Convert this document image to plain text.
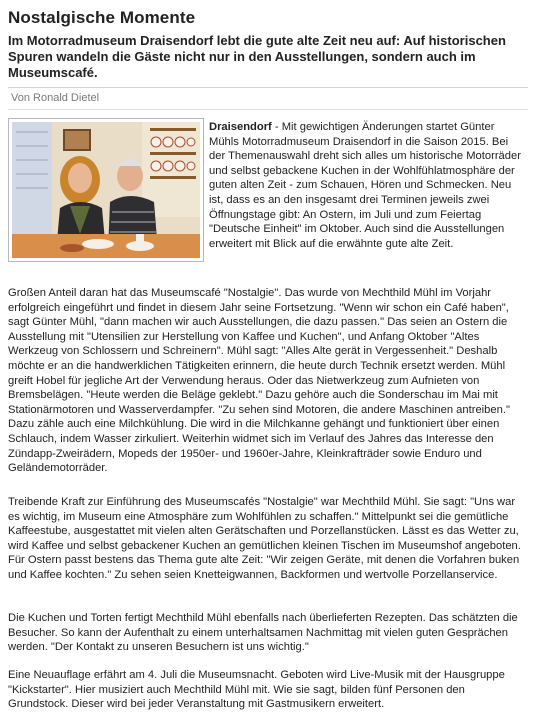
Nostalgische Momente

Im Motorradmuseum Draisendorf lebt die gute alte Zeit neu auf: Auf historischen Spuren wandeln die Gäste nicht nur in den Ausstellungen, sondern auch im Museumscafé.

Von Ronald Dietel
Draisendorf - Mit gewichtigen Änderungen startet Günter Mühls Motorradmuseum Draisendorf in die Saison 2015. Bei der Themenauswahl dreht sich alles um historische Motorräder und selbst gebackene Kuchen in der Wohlfühlatmosphäre der guten alten Zeit - zum Schauen, Hören und Schmecken. Neu ist, dass es an den insgesamt drei Terminen jeweils zwei Öffnungstage gibt: An Ostern, im Juli und zum Feiertag "Deutsche Einheit" im Oktober. Auch sind die Ausstellungen erweitert mit Blick auf die erwähnte gute alte Zeit.

Großen Anteil daran hat das Museumscafé "Nostalgie". Das wurde von Mechthild Mühl im Vorjahr erfolgreich eingeführt und findet in diesem Jahr seine Fortsetzung. "Wenn wir schon ein Café haben", sagt Günter Mühl, "dann machen wir auch Ausstellungen, die dazu passen." Das seien an Ostern die Ausstellung mit "Utensilien zur Herstellung von Kaffee und Kuchen", und Anfang Oktober "Altes Werkzeug von Schlossern und Schreinern". Mühl sagt: "Alles Alte gerät in Vergessenheit." Deshalb möchte er an die handwerklichen Tätigkeiten erinnern, die heute durch Technik ersetzt werden. Mühl greift Hobel für jegliche Art der Verwendung heraus. Oder das Nietwerkzeug zum Aufnieten von Bremsbelägen. "Heute werden die Beläge geklebt." Dazu gehöre auch die Sonderschau im Mai mit Stationärmotoren und Wasserverdampfer. "Zu sehen sind Motoren, die andere Maschinen antreiben." Dazu zähle auch eine Milchkühlung. Die wird in die Milchkanne gehängt und funktioniert über einen Schlauch, indem Wasser zirkuliert. Weiterhin widmet sich im Verlauf des Jahres das Interesse den Zündapp-Zweirädern, Mopeds der 1950er- und 1960er-Jahre, Kleinkrafträder sowie Enduro und Geländemotorräder.

Treibende Kraft zur Einführung des Museumscafés "Nostalgie" war Mechthild Mühl. Sie sagt: "Uns war es wichtig, im Museum eine Atmosphäre zum Wohlfühlen zu schaffen." Mittelpunkt sei die gemütliche Kaffeestube, ausgestattet mit vielen alten Gerätschaften und Porzellanstücken. Lässt es das Wetter zu, wird Kaffee und selbst gebackener Kuchen an gemütlichen kleinen Tischen im Museumshof angeboten. Für Ostern passt bestens das Thema gute alte Zeit: "Wir zeigen Geräte, mit denen die Vorfahren buken und Kaffee kochten." Zu sehen seien Knetteigwannen, Backformen und wertvolle Porzellanservice.

Die Kuchen und Torten fertigt Mechthild Mühl ebenfalls nach überlieferten Rezepten. Das schätzten die Besucher. So kann der Aufenthalt zu einem unterhaltsamen Nachmittag mit vielen guten Gesprächen werden. "Der Kontakt zu unseren Besuchern ist uns wichtig."

Eine Neuauflage erfährt am 4. Juli die Museumsnacht. Geboten wird Live-Musik mit der Hausgruppe "Kickstarter". Hier musiziert auch Mechthild Mühl mit. Wie sie sagt, bilden fünf Personen den Grundstock. Dieser wird bei jeder Veranstaltung mit Gastmusikern erweitert.
